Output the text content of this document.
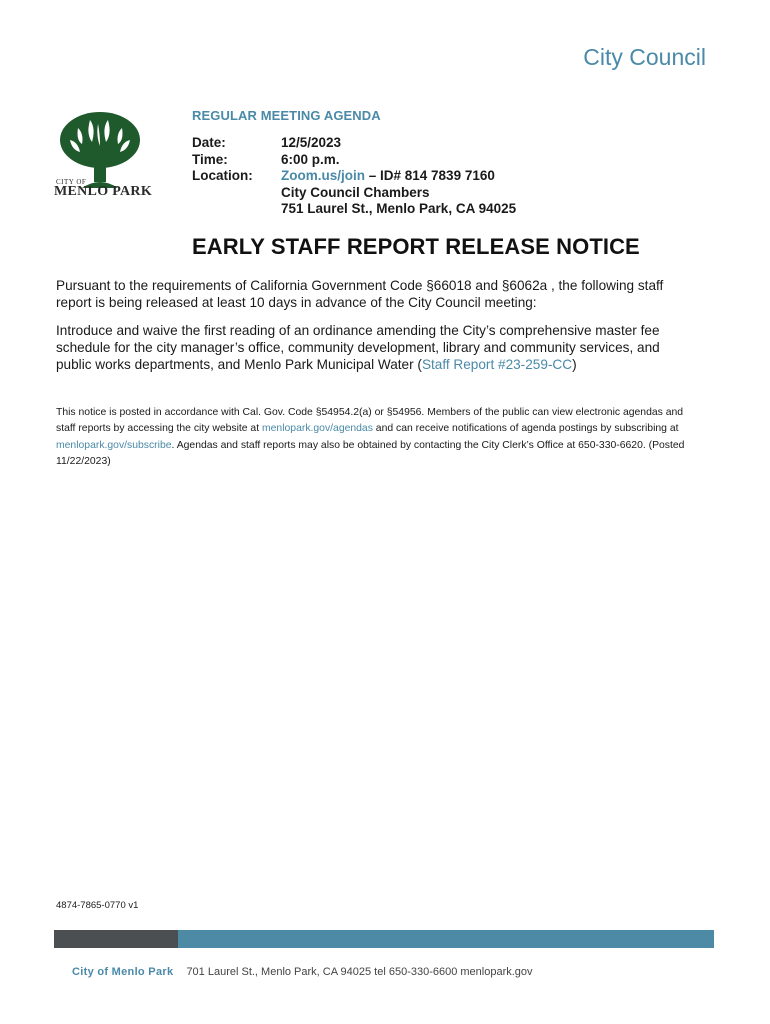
City Council
CITY OF
MENLO PARK
REGULAR MEETING AGENDA
Date:	12/5/2023
Time:	6:00 p.m.
Location:	Zoom.us/join – ID# 814 7839 7160
City Council Chambers
751 Laurel St., Menlo Park, CA 94025
EARLY STAFF REPORT RELEASE NOTICE
Pursuant to the requirements of California Government Code §66018 and §6062a , the following staff report is being released at least 10 days in advance of the City Council meeting:
Introduce and waive the first reading of an ordinance amending the City’s comprehensive master fee schedule for the city manager’s office, community development, library and community services, and public works departments, and Menlo Park Municipal Water (Staff Report #23-259-CC)
This notice is posted in accordance with Cal. Gov. Code §54954.2(a) or §54956. Members of the public can view electronic agendas and staff reports by accessing the city website at menlopark.gov/agendas and can receive notifications of agenda postings by subscribing at menlopark.gov/subscribe. Agendas and staff reports may also be obtained by contacting the City Clerk’s Office at 650-330-6620. (Posted 11/22/2023)
4874-7865-0770 v1
City of Menlo Park 701 Laurel St., Menlo Park, CA 94025 tel 650-330-6600 menlopark.gov
